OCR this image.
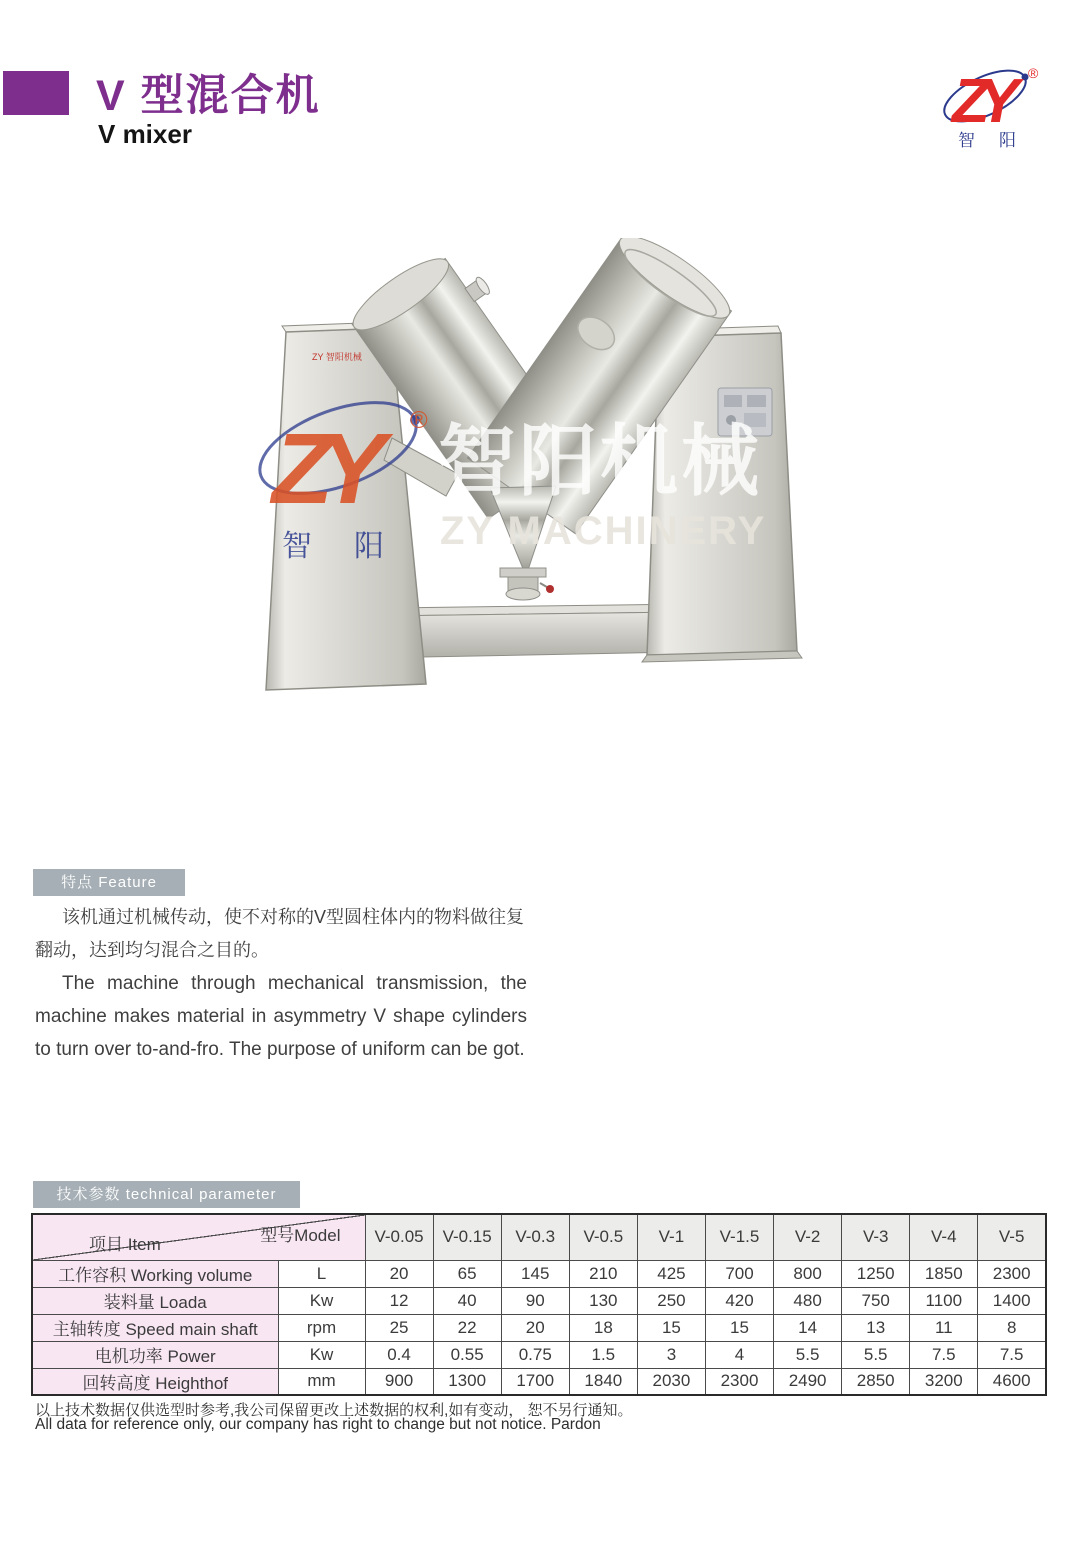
V 型混合机
V mixer	ZY	®
智阳
ZY 智阳机械
ZY	®
智阳
智阳机械
ZY MACHINERY
特点 Feature

该机通过机械传动，使不对称的V型圆柱体内的物料做往复翻动，达到均匀混合之目的。

The machine through mechanical transmission, the machine makes material in asymmetry V shape cylinders to turn over to-and-fro. The purpose of uniform can be got.

技术参数 technical parameter
项目 Item 型号Model		V-0.05	V-0.15	V-0.3	V-0.5	V-1	V-1.5	V-2	V-3	V-4	V-5
工作容积 Working volume	L	20	65	145	210	425	700	800	1250	1850	2300
装料量 Loada	Kw	12	40	90	130	250	420	480	750	1100	1400
主轴转度 Speed main shaft	rpm	25	22	20	18	15	15	14	13	11	8
电机功率 Power	Kw	0.4	0.55	0.75	1.5	3	4	5.5	5.5	7.5	7.5
回转高度 Heighthof	mm	900	1300	1700	1840	2030	2300	2490	2850	3200	4600
以上技术数据仅供选型时参考,我公司保留更改上述数据的权利,如有变动， 恕不另行通知。
All data for reference only, our company has right to change but not notice. Pardon
